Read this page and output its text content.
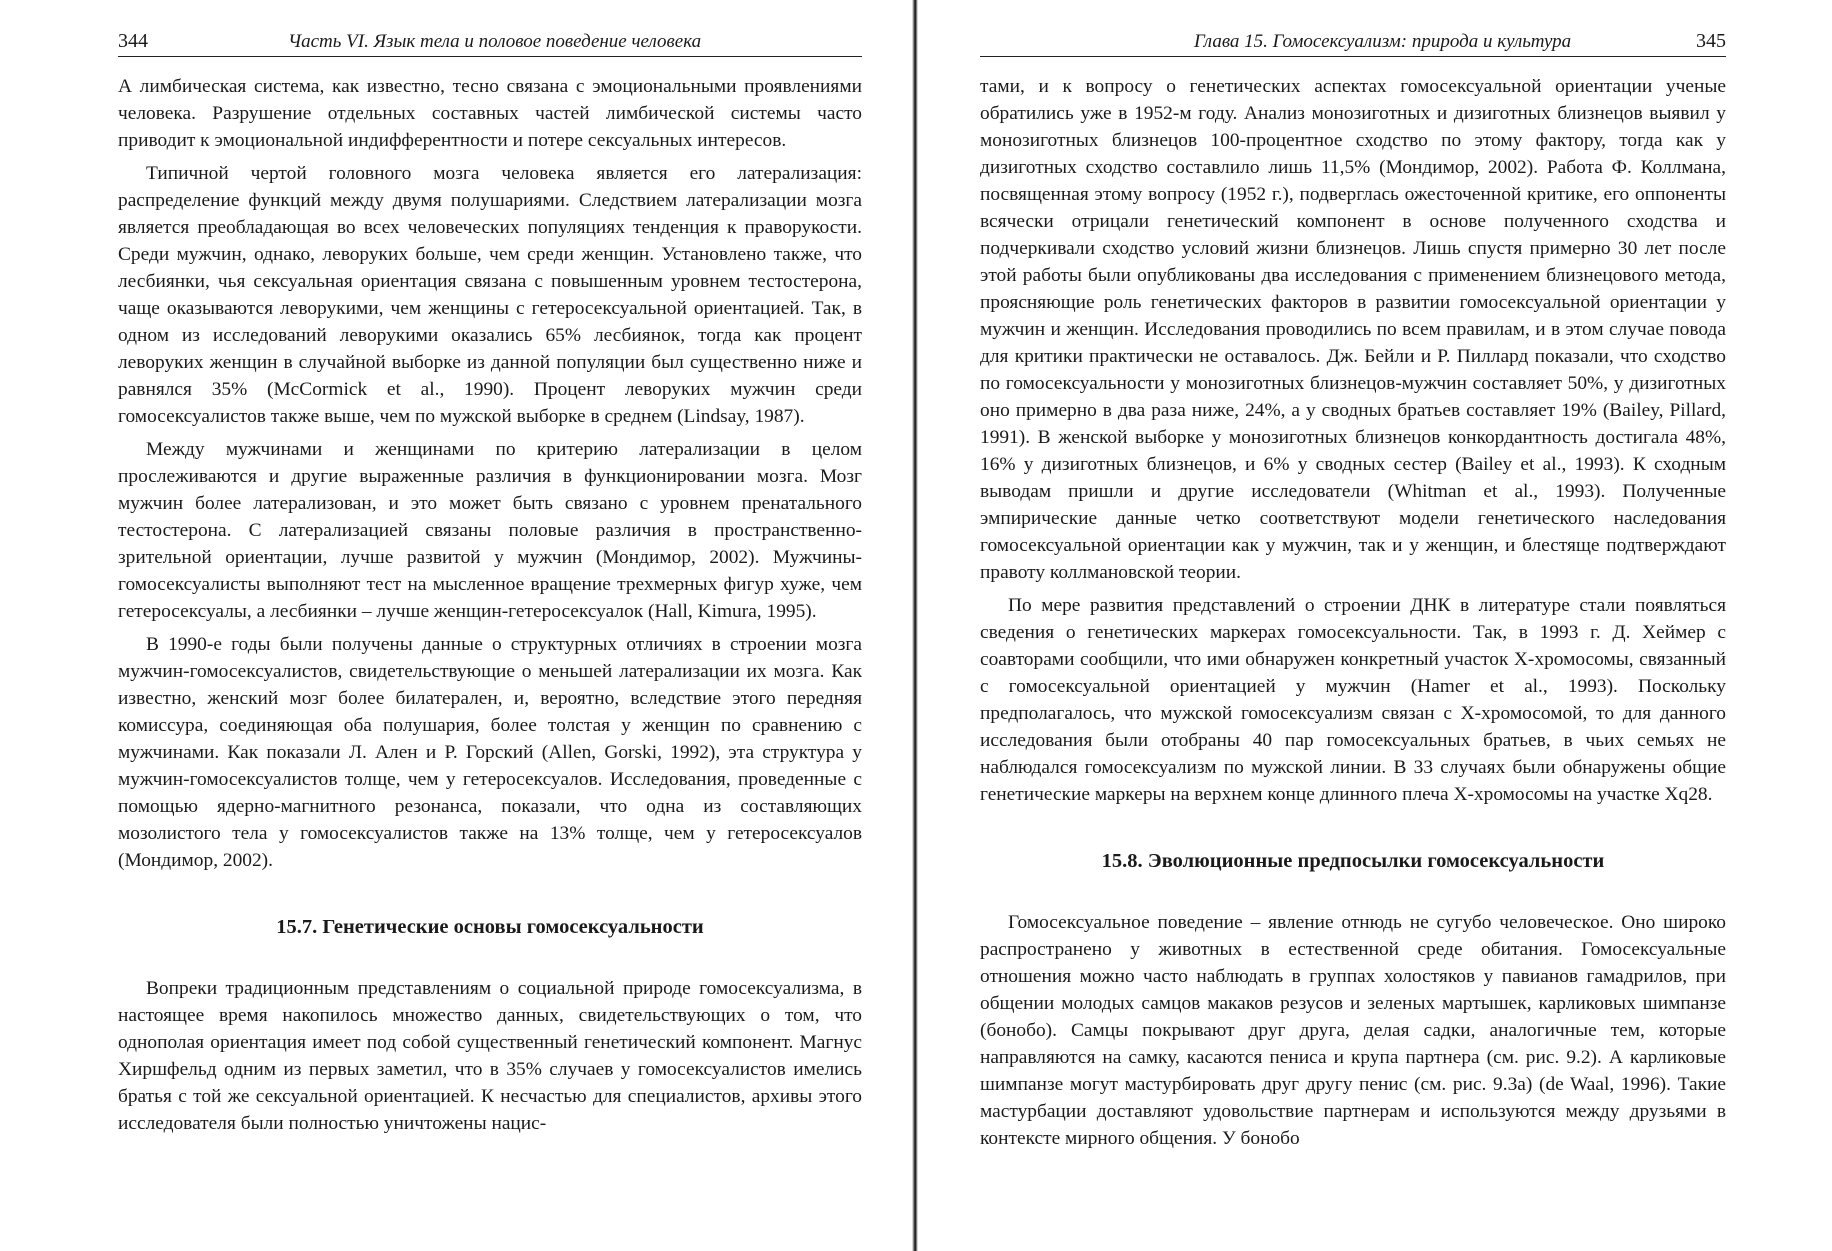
344	Часть VI. Язык тела и половое поведение человека

А лимбическая система, как известно, тесно связана с эмоциональными проявлениями человека. Разрушение отдельных составных частей лимбической системы часто приводит к эмоциональной индифферентности и потере сексуальных интересов.

Типичной чертой головного мозга человека является его латерализация: распределение функций между двумя полушариями. Следствием латерализации мозга является преобладающая во всех человеческих популяциях тенденция к праворукости. Среди мужчин, однако, леворуких больше, чем среди женщин. Установлено также, что лесбиянки, чья сексуальная ориентация связана с повышенным уровнем тестостерона, чаще оказываются леворукими, чем женщины с гетеросексуальной ориентацией. Так, в одном из исследований леворукими оказались 65% лесбиянок, тогда как процент леворуких женщин в случайной выборке из данной популяции был существенно ниже и равнялся 35% (McCormick et al., 1990). Процент леворуких мужчин среди гомосексуалистов также выше, чем по мужской выборке в среднем (Lindsay, 1987).

Между мужчинами и женщинами по критерию латерализации в целом прослеживаются и другие выраженные различия в функционировании мозга. Мозг мужчин более латерализован, и это может быть связано с уровнем пренатального тестостерона. С латерализацией связаны половые различия в пространственно-зрительной ориентации, лучше развитой у мужчин (Мондимор, 2002). Мужчины-гомосексуалисты выполняют тест на мысленное вращение трехмерных фигур хуже, чем гетеросексуалы, а лесбиянки – лучше женщин-гетеросексуалок (Hall, Kimura, 1995).

В 1990-е годы были получены данные о структурных отличиях в строении мозга мужчин-гомосексуалистов, свидетельствующие о меньшей латерализации их мозга. Как известно, женский мозг более билатерален, и, вероятно, вследствие этого передняя комиссура, соединяющая оба полушария, более толстая у женщин по сравнению с мужчинами. Как показали Л. Ален и Р. Горский (Allen, Gorski, 1992), эта структура у мужчин-гомосексуалистов толще, чем у гетеросексуалов. Исследования, проведенные с помощью ядерно-магнитного резонанса, показали, что одна из составляющих мозолистого тела у гомосексуалистов также на 13% толще, чем у гетеросексуалов (Мондимор, 2002).

15.7. Генетические основы гомосексуальности

Вопреки традиционным представлениям о социальной природе гомосексуализма, в настоящее время накопилось множество данных, свидетельствующих о том, что однополая ориентация имеет под собой существенный генетический компонент. Магнус Хиршфельд одним из первых заметил, что в 35% случаев у гомосексуалистов имелись братья с той же сексуальной ориентацией. К несчастью для специалистов, архивы этого исследователя были полностью уничтожены нацис-

Глава 15. Гомосексуализм: природа и культура	345

тами, и к вопросу о генетических аспектах гомосексуальной ориентации ученые обратились уже в 1952-м году. Анализ монозиготных и дизиготных близнецов выявил у монозиготных близнецов 100-процентное сходство по этому фактору, тогда как у дизиготных сходство составлило лишь 11,5% (Мондимор, 2002). Работа Ф. Коллмана, посвященная этому вопросу (1952 г.), подверглась ожесточенной критике, его оппоненты всячески отрицали генетический компонент в основе полученного сходства и подчеркивали сходство условий жизни близнецов. Лишь спустя примерно 30 лет после этой работы были опубликованы два исследования с применением близнецового метода, проясняющие роль генетических факторов в развитии гомосексуальной ориентации у мужчин и женщин. Исследования проводились по всем правилам, и в этом случае повода для критики практически не оставалось. Дж. Бейли и Р. Пиллард показали, что сходство по гомосексуальности у монозиготных близнецов-мужчин составляет 50%, у дизиготных оно примерно в два раза ниже, 24%, а у сводных братьев составляет 19% (Bailey, Pillard, 1991). В женской выборке у монозиготных близнецов конкордантность достигала 48%, 16% у дизиготных близнецов, и 6% у сводных сестер (Bailey et al., 1993). К сходным выводам пришли и другие исследователи (Whitman et al., 1993). Полученные эмпирические данные четко соответствуют модели генетического наследования гомосексуальной ориентации как у мужчин, так и у женщин, и блестяще подтверждают правоту коллмановской теории.

По мере развития представлений о строении ДНК в литературе стали появляться сведения о генетических маркерах гомосексуальности. Так, в 1993 г. Д. Хеймер с соавторами сообщили, что ими обнаружен конкретный участок X-хромосомы, связанный с гомосексуальной ориентацией у мужчин (Hamer et al., 1993). Поскольку предполагалось, что мужской гомосексуализм связан с X-хромосомой, то для данного исследования были отобраны 40 пар гомосексуальных братьев, в чьих семьях не наблюдался гомосексуализм по мужской линии. В 33 случаях были обнаружены общие генетические маркеры на верхнем конце длинного плеча X-хромосомы на участке Xq28.

15.8. Эволюционные предпосылки гомосексуальности

Гомосексуальное поведение – явление отнюдь не сугубо человеческое. Оно широко распространено у животных в естественной среде обитания. Гомосексуальные отношения можно часто наблюдать в группах холостяков у павианов гамадрилов, при общении молодых самцов макаков резусов и зеленых мартышек, карликовых шимпанзе (бонобо). Самцы покрывают друг друга, делая садки, аналогичные тем, которые направляются на самку, касаются пениса и крупа партнера (см. рис. 9.2). А карликовые шимпанзе могут мастурбировать друг другу пенис (см. рис. 9.3а) (de Waal, 1996). Такие мастурбации доставляют удовольствие партнерам и используются между друзьями в контексте мирного общения. У бонобо
